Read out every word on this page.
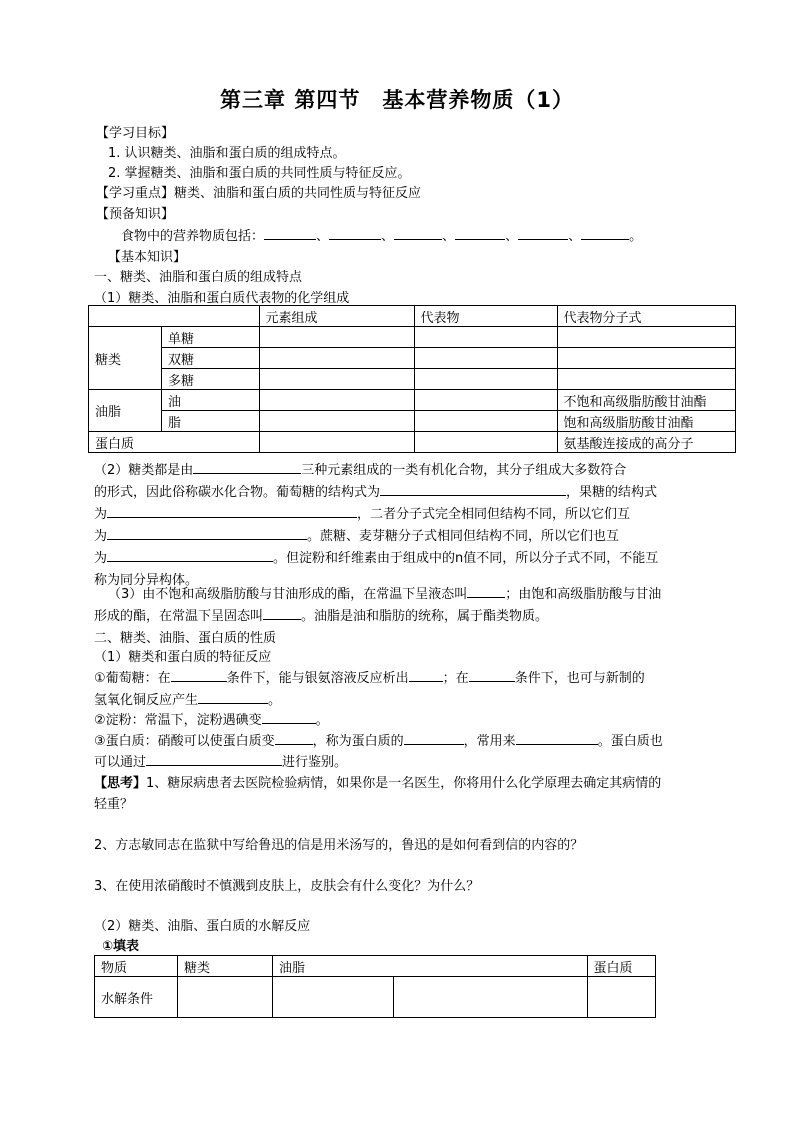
第三章 第四节　基本营养物质（1）
【学习目标】
1. 认识糖类、油脂和蛋白质的组成特点。
2. 掌握糖类、油脂和蛋白质的共同性质与特征反应。
【学习重点】糖类、油脂和蛋白质的共同性质与特征反应
【预备知识】
食物中的营养物质包括：	、	、	、	、	、	。
【基本知识】
一、糖类、油脂和蛋白质的组成特点
（1）糖类、油脂和蛋白质代表物的化学组成
		元素组成	代表物	代表物分子式
糖类	单糖			
	双糖			
	多糖			
油脂	油			不饱和高级脂肪酸甘油酯
	脂			饱和高级脂肪酸甘油酯
蛋白质				氨基酸连接成的高分子
（2）糖类都是由	三种元素组成的一类有机化合物，其分子组成大多数符合
的形式，因此俗称碳水化合物。葡萄糖的结构式为	，果糖的结构式
为	，二者分子式完全相同但结构不同，所以它们互
为	。蔗糖、麦芽糖分子式相同但结构不同，所以它们也互
为	。但淀粉和纤维素由于组成中的n值不同，所以分子式不同，不能互
称为同分异构体。
（3）由不饱和高级脂肪酸与甘油形成的酯，在常温下呈液态叫	；由饱和高级脂肪酸与甘油
形成的酯，在常温下呈固态叫	。油脂是油和脂肪的统称，属于酯类物质。
二、糖类、油脂、蛋白质的性质
（1）糖类和蛋白质的特征反应
①葡萄糖：在	条件下，能与银氨溶液反应析出	；在	条件下，也可与新制的
氢氧化铜反应产生	。
②淀粉：常温下，淀粉遇碘变	。
③蛋白质：硝酸可以使蛋白质变	，称为蛋白质的	，常用来	。蛋白质也
可以通过	进行鉴别。
【思考】1、糖尿病患者去医院检验病情，如果你是一名医生，你将用什么化学原理去确定其病情的
轻重？
2、方志敏同志在监狱中写给鲁迅的信是用米汤写的，鲁迅的是如何看到信的内容的？
3、在使用浓硝酸时不慎溅到皮肤上，皮肤会有什么变化？为什么？
（2）糖类、油脂、蛋白质的水解反应
①填表
物质	糖类	油脂		蛋白质
水解条件				
